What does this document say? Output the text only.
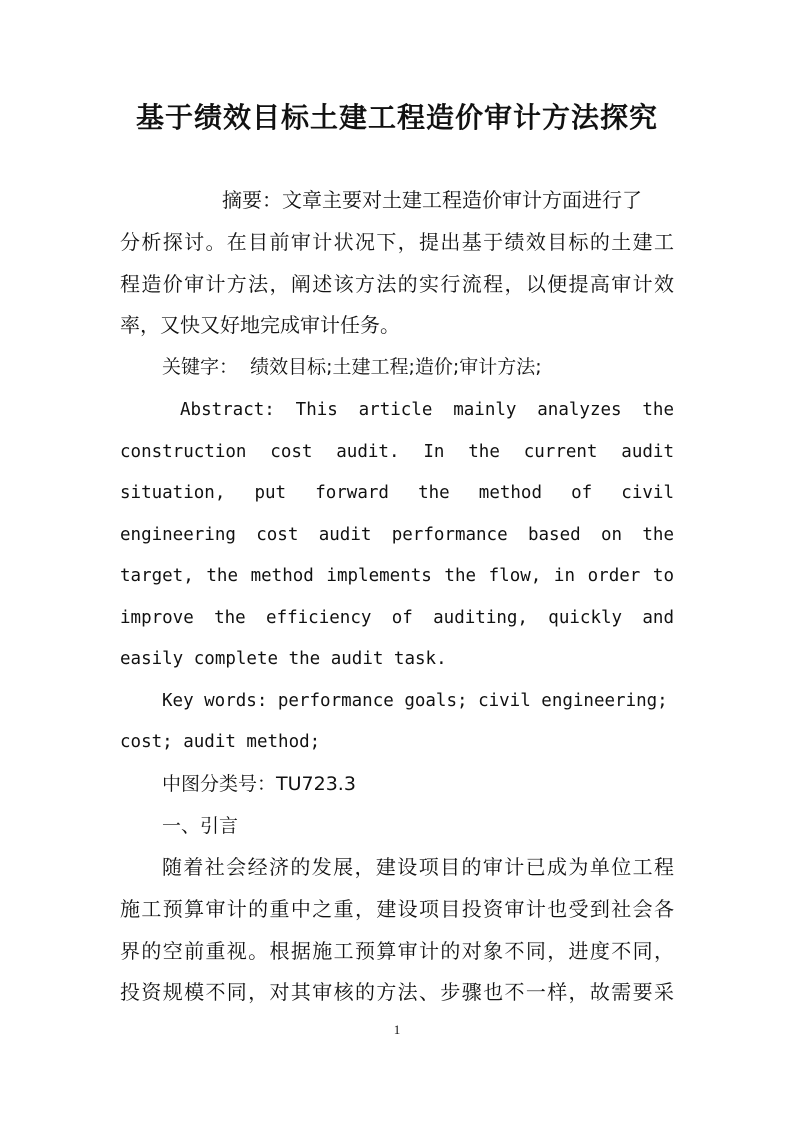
基于绩效目标土建工程造价审计方法探究
摘要：文章主要对土建工程造价审计方面进行了
分析探讨。在目前审计状况下，提出基于绩效目标的土建工
程造价审计方法，阐述该方法的实行流程，以便提高审计效
率，又快又好地完成审计任务。
关键字：  绩效目标;土建工程;造价;审计方法;
Abstract: This article mainly analyzes the
construction cost audit. In the current audit
situation, put forward the method of civil
engineering cost audit performance based on the
target, the method implements the flow, in order to
improve the efficiency of auditing, quickly and
easily complete the audit task.
Key words: performance goals; civil engineering;
cost; audit method;
中图分类号：TU723.3
一、引言
随着社会经济的发展，建设项目的审计已成为单位工程
施工预算审计的重中之重，建设项目投资审计也受到社会各
界的空前重视。根据施工预算审计的对象不同，进度不同，
投资规模不同，对其审核的方法、步骤也不一样，故需要采
1
